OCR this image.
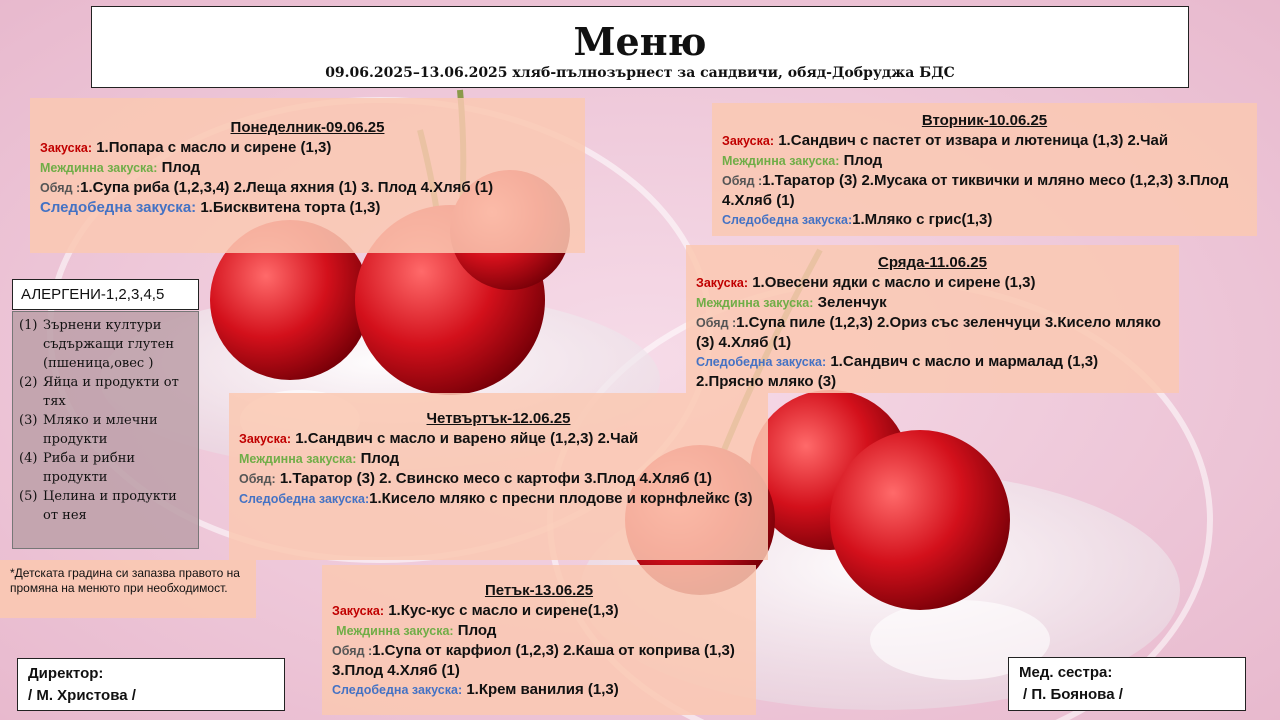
Меню
09.06.2025–13.06.2025 хляб-пълнозърнест за сандвичи, обяд-Добруджа БДС
Понеделник-09.06.25
Закуска: 1.Попара с масло и сирене (1,3)
Междинна закуска: Плод
Обяд :1.Супа риба (1,2,3,4) 2.Леща яхния (1) 3. Плод 4.Хляб (1)
Следобедна закуска: 1.Бисквитена торта (1,3)
Вторник-10.06.25
Закуска: 1.Сандвич с пастет от извара и лютеница (1,3) 2.Чай
Междинна закуска: Плод
Обяд :1.Таратор (3) 2.Мусака от тиквички и мляно месо (1,2,3) 3.Плод 4.Хляб (1)
Следобедна закуска:1.Мляко с грис(1,3)
Сряда-11.06.25
Закуска: 1.Овесени ядки с масло и сирене (1,3)
Междинна закуска: Зеленчук
Обяд :1.Супа пиле (1,2,3) 2.Ориз със зеленчуци 3.Кисело мляко (3) 4.Хляб (1)
Следобедна закуска: 1.Сандвич с масло и мармалад (1,3) 2.Прясно мляко (3)
Четвъртък-12.06.25
Закуска: 1.Сандвич с масло и варено яйце (1,2,3) 2.Чай
Междинна закуска: Плод
Обяд: 1.Таратор (3) 2. Свинско месо с картофи 3.Плод 4.Хляб (1)
Следобедна закуска:1.Кисело мляко с пресни плодове и корнфлейкс (3)
Петък-13.06.25
Закуска: 1.Кус-кус с масло и сирене(1,3)
Междинна закуска: Плод
Обяд :1.Супа от карфиол (1,2,3) 2.Каша от коприва (1,3) 3.Плод 4.Хляб (1)
Следобедна закуска: 1.Крем ванилия (1,3)
АЛЕРГЕНИ-1,2,3,4,5
(1) Зърнени култури съдържащи глутен (пшеница,овес )
(2) Яйца и продукти от тях
(3) Мляко и млечни продукти
(4) Риба и рибни продукти
(5) Целина и продукти от нея
*Детската градина си запазва правото на промяна на менюто при необходимост.
Директор:
/ М. Христова /
Мед. сестра:
/ П. Боянова /
